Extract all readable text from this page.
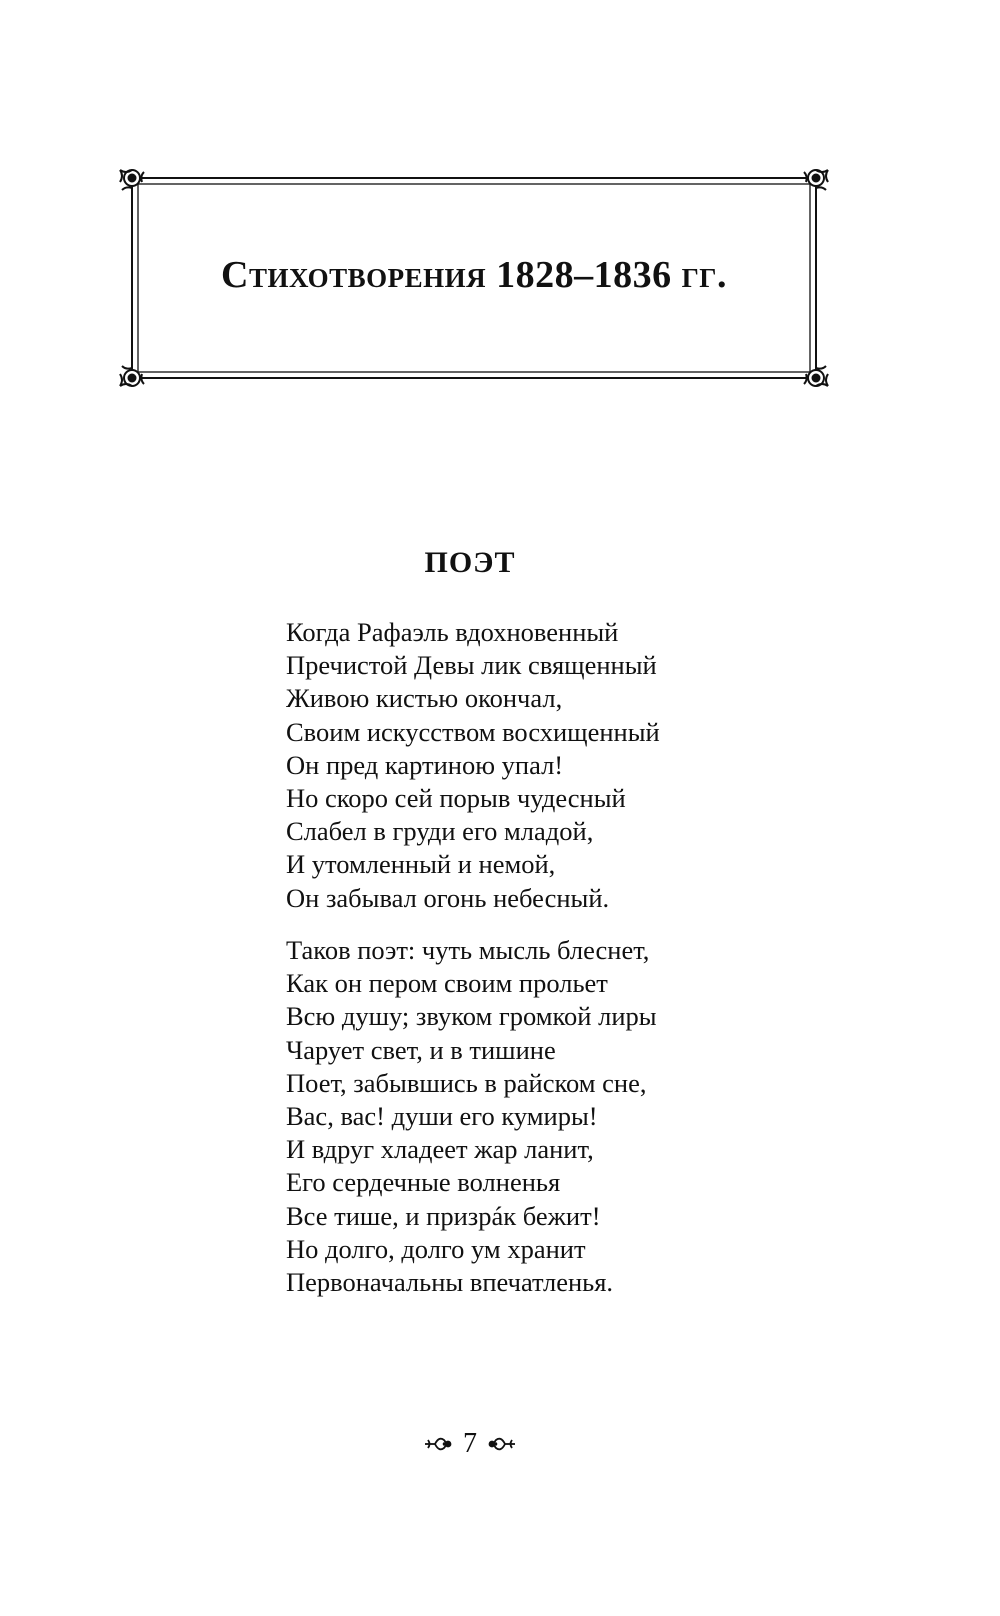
Стихотворения 1828–1836 гг.
ПОЭТ
Когда Рафаэль вдохновенный
Пречистой Девы лик священный
Живою кистью окончал,
Своим искусством восхищенный
Он пред картиною упал!
Но скоро сей порыв чудесный
Слабел в груди его младой,
И утомленный и немой,
Он забывал огонь небесный.
Таков поэт: чуть мысль блеснет,
Как он пером своим прольет
Всю душу; звуком громкой лиры
Чарует свет, и в тишине
Поет, забывшись в райском сне,
Вас, вас! души его кумиры!
И вдруг хладеет жар ланит,
Его сердечные волненья
Все тише, и призрáк бежит!
Но долго, долго ум хранит
Первоначальны впечатленья.
7
